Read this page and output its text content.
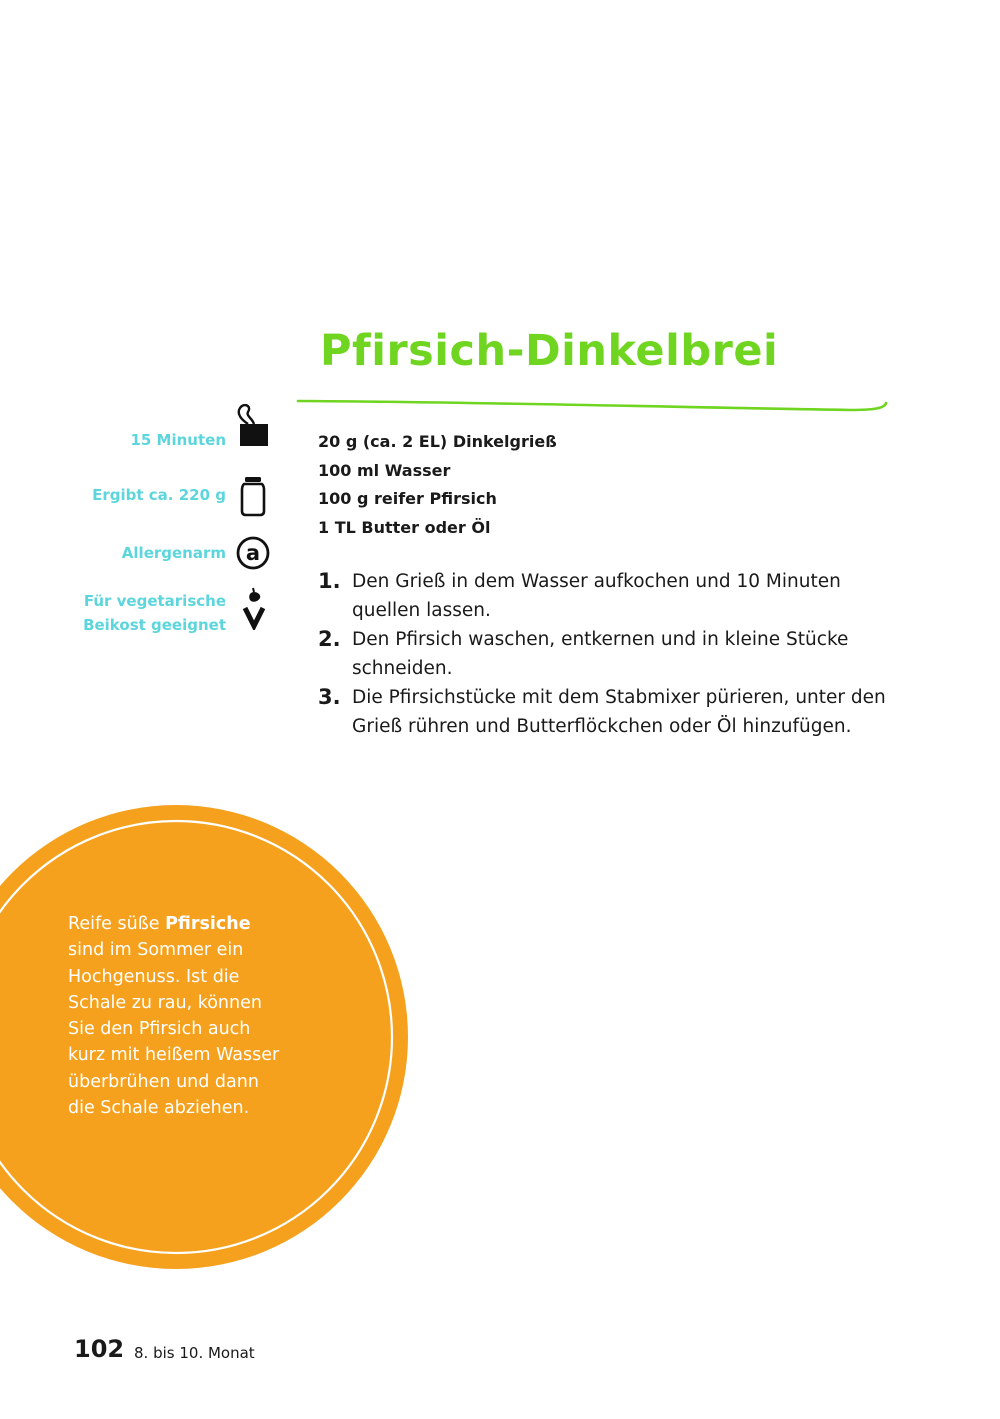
Pfirsich-Dinkelbrei
15 Minuten
Ergibt ca. 220 g
Allergenarm a
Für vegetarische
Beikost geeignet
20 g (ca. 2 EL) Dinkelgrieß
100 ml Wasser
100 g reifer Pfirsich
1 TL Butter oder Öl
1. Den Grieß in dem Wasser aufkochen und 10 Minuten quellen lassen.
2. Den Pfirsich waschen, entkernen und in kleine Stücke schneiden.
3. Die Pfirsichstücke mit dem Stabmixer pürieren, unter den Grieß rühren und Butterflöckchen oder Öl hinzufügen.

Reife süße Pfirsiche sind im Sommer ein Hochgenuss. Ist die Schale zu rau, können Sie den Pfirsich auch kurz mit heißem Wasser überbrühen und dann die Schale abziehen.

102 8. bis 10. Monat
